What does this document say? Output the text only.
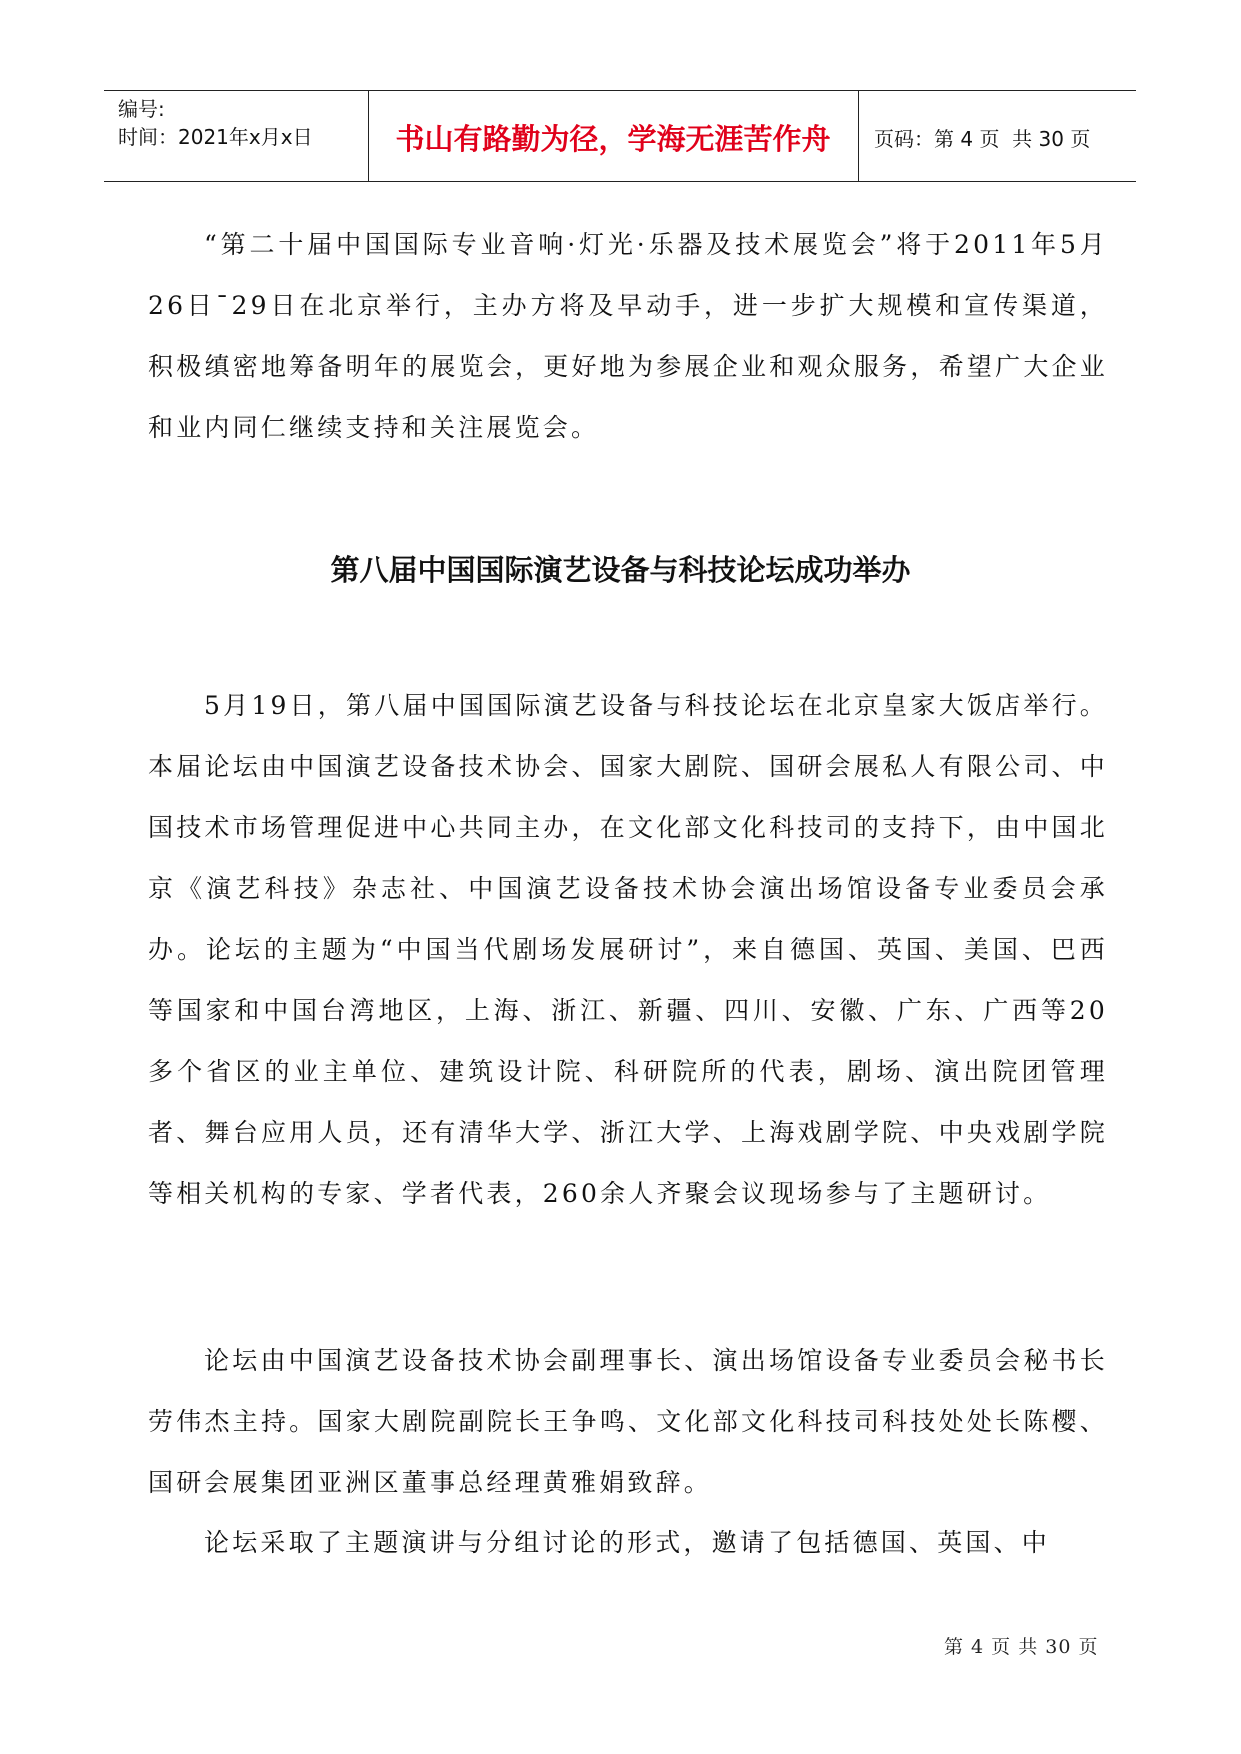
编号:
时间：2021年x月x日	书山有路勤为径，学海无涯苦作舟	页码：第 4 页  共 30 页

“第二十届中国国际专业音响·灯光·乐器及技术展览会”将于2011年5月26日¯29日在北京举行，主办方将及早动手，进一步扩大规模和宣传渠道，积极缜密地筹备明年的展览会，更好地为参展企业和观众服务，希望广大企业和业内同仁继续支持和关注展览会。

第八届中国国际演艺设备与科技论坛成功举办

5月19日，第八届中国国际演艺设备与科技论坛在北京皇家大饭店举行。本届论坛由中国演艺设备技术协会、国家大剧院、国研会展私人有限公司、中国技术市场管理促进中心共同主办，在文化部文化科技司的支持下，由中国北京《演艺科技》杂志社、中国演艺设备技术协会演出场馆设备专业委员会承办。论坛的主题为“中国当代剧场发展研讨”，来自德国、英国、美国、巴西等国家和中国台湾地区，上海、浙江、新疆、四川、安徽、广东、广西等20多个省区的业主单位、建筑设计院、科研院所的代表，剧场、演出院团管理者、舞台应用人员，还有清华大学、浙江大学、上海戏剧学院、中央戏剧学院等相关机构的专家、学者代表，260余人齐聚会议现场参与了主题研讨。

论坛由中国演艺设备技术协会副理事长、演出场馆设备专业委员会秘书长劳伟杰主持。国家大剧院副院长王争鸣、文化部文化科技司科技处处长陈樱、国研会展集团亚洲区董事总经理黄雅娟致辞。

论坛采取了主题演讲与分组讨论的形式，邀请了包括德国、英国、中

第 4 页 共 30 页
